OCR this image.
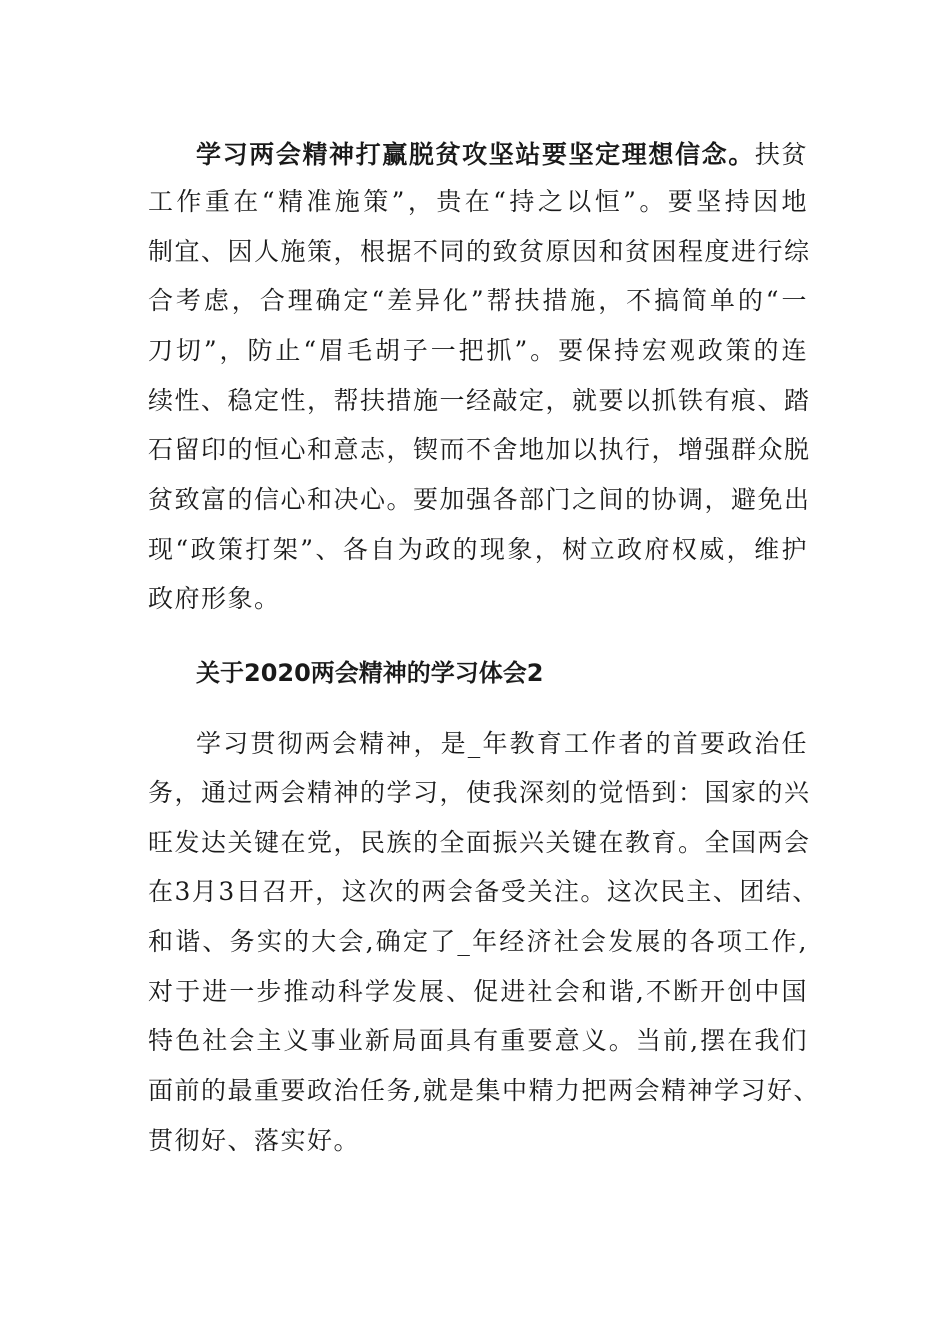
学习两会精神打赢脱贫攻坚站要坚定理想信念。扶贫
工作重在“精准施策”，贵在“持之以恒”。要坚持因地
制宜、因人施策，根据不同的致贫原因和贫困程度进行综
合考虑，合理确定“差异化”帮扶措施，不搞简单的“一
刀切”，防止“眉毛胡子一把抓”。要保持宏观政策的连
续性、稳定性，帮扶措施一经敲定，就要以抓铁有痕、踏
石留印的恒心和意志，锲而不舍地加以执行，增强群众脱
贫致富的信心和决心。要加强各部门之间的协调，避免出
现“政策打架”、各自为政的现象，树立政府权威，维护
政府形象。
关于2020两会精神的学习体会2
学习贯彻两会精神，是_年教育工作者的首要政治任
务，通过两会精神的学习，使我深刻的觉悟到：国家的兴
旺发达关键在党，民族的全面振兴关键在教育。全国两会
在3月3日召开，这次的两会备受关注。这次民主、团结、
和谐、务实的大会,确定了_年经济社会发展的各项工作,
对于进一步推动科学发展、促进社会和谐,不断开创中国
特色社会主义事业新局面具有重要意义。当前,摆在我们
面前的最重要政治任务,就是集中精力把两会精神学习好、
贯彻好、落实好。
